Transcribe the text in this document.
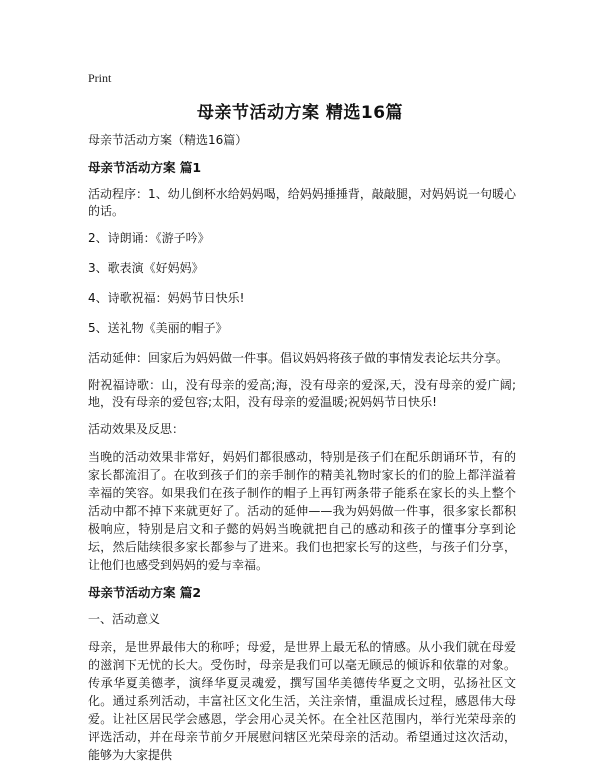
Print
母亲节活动方案 精选16篇

母亲节活动方案（精选16篇）

母亲节活动方案 篇1

活动程序：1、幼儿倒杯水给妈妈喝，给妈妈捶捶背，敲敲腿，对妈妈说一句暖心的话。

2、诗朗诵：《游子吟》

3、歌表演《好妈妈》

4、诗歌祝福：妈妈节日快乐!

5、送礼物《美丽的帽子》

活动延伸：回家后为妈妈做一件事。倡议妈妈将孩子做的事情发表论坛共分享。

附祝福诗歌：山，没有母亲的爱高;海，没有母亲的爱深,天，没有母亲的爱广阔;地，没有母亲的爱包容;太阳，没有母亲的爱温暖;祝妈妈节日快乐!

活动效果及反思：

当晚的活动效果非常好，妈妈们都很感动，特别是孩子们在配乐朗诵环节，有的家长都流泪了。在收到孩子们的亲手制作的精美礼物时家长的们的脸上都洋溢着幸福的笑容。如果我们在孩子制作的帽子上再钉两条带子能系在家长的头上整个活动中都不掉下来就更好了。活动的延伸——我为妈妈做一件事，很多家长都积极响应，特别是启文和子懿的妈妈当晚就把自己的感动和孩子的懂事分享到论坛，然后陆续很多家长都参与了进来。我们也把家长写的这些，与孩子们分享，让他们也感受到妈妈的爱与幸福。

母亲节活动方案 篇2

一、活动意义

母亲，是世界最伟大的称呼；母爱，是世界上最无私的情感。从小我们就在母爱的滋润下无忧的长大。受伤时，母亲是我们可以毫无顾忌的倾诉和依靠的对象。传承华夏美德孝，演绎华夏灵魂爱，撰写国华美德传华夏之文明，弘扬社区文化。通过系列活动，丰富社区文化生活，关注亲情，重温成长过程，感恩伟大母爱。让社区居民学会感恩，学会用心灵关怀。在全社区范围内，举行光荣母亲的评选活动，并在母亲节前夕开展慰问辖区光荣母亲的活动。希望通过这次活动，能够为大家提供
